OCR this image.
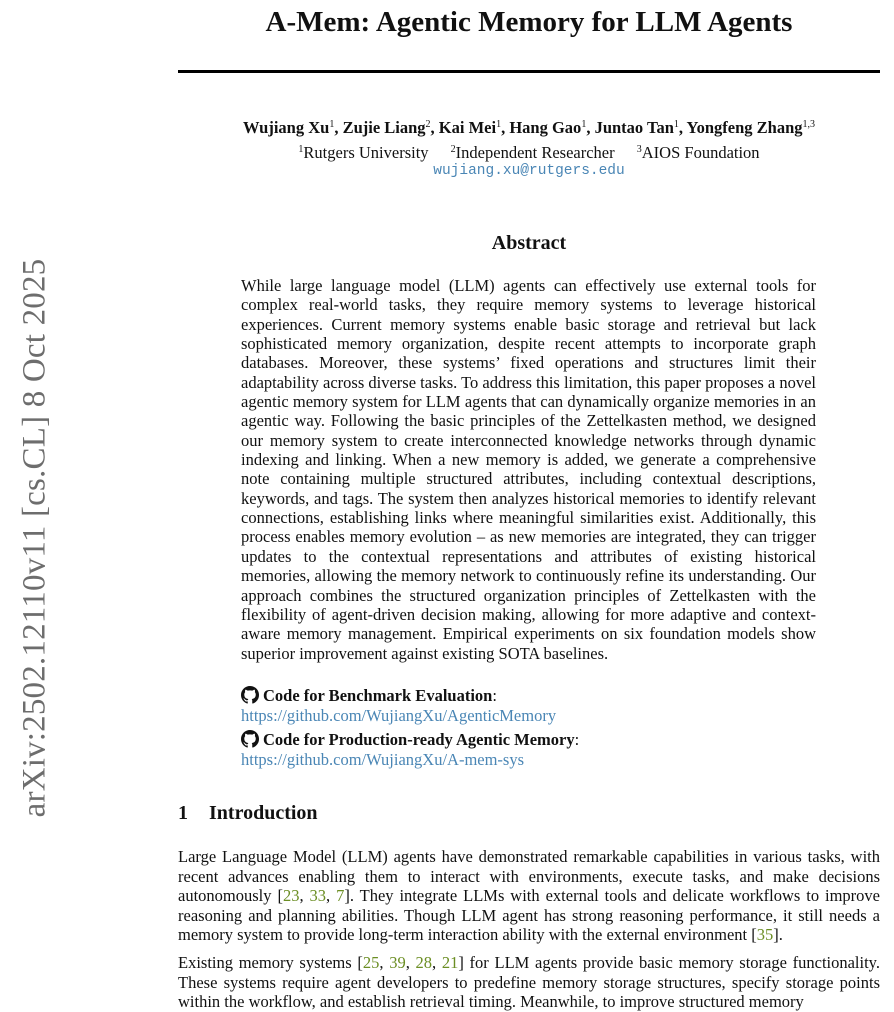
arXiv:2502.12110v11 [cs.CL] 8 Oct 2025
A-Mem: Agentic Memory for LLM Agents
Wujiang Xu$^1$, Zujie Liang$^2$, Kai Mei$^1$, Hang Gao$^1$, Juntao Tan$^1$, Yongfeng Zhang$^{1,3}$
$^1$Rutgers University $^2$Independent Researcher $^3$AIOS Foundation
wujiang.xu@rutgers.edu
Abstract
While large language model (LLM) agents can effectively use external tools for complex real-world tasks, they require memory systems to leverage historical experiences. Current memory systems enable basic storage and retrieval but lack sophisticated memory organization, despite recent attempts to incorporate graph databases. Moreover, these systems’ fixed operations and structures limit their adaptability across diverse tasks. To address this limitation, this paper proposes a novel agentic memory system for LLM agents that can dynamically organize memories in an agentic way. Following the basic principles of the Zettelkasten method, we designed our memory system to create interconnected knowledge networks through dynamic indexing and linking. When a new memory is added, we generate a comprehensive note containing multiple structured attributes, including contextual descriptions, keywords, and tags. The system then analyzes historical memories to identify relevant connections, establishing links where meaningful similarities exist. Additionally, this process enables memory evolution – as new memories are integrated, they can trigger updates to the contextual representations and attributes of existing historical memories, allowing the memory network to continuously refine its understanding. Our approach combines the structured organization principles of Zettelkasten with the flexibility of agent-driven decision making, allowing for more adaptive and context-aware memory management. Empirical experiments on six foundation models show superior improvement against existing SOTA baselines.
Code for Benchmark Evaluation:
https://github.com/WujiangXu/AgenticMemory
Code for Production-ready Agentic Memory:
https://github.com/WujiangXu/A-mem-sys
1 Introduction
Large Language Model (LLM) agents have demonstrated remarkable capabilities in various tasks, with recent advances enabling them to interact with environments, execute tasks, and make decisions autonomously [23, 33, 7]. They integrate LLMs with external tools and delicate workflows to improve reasoning and planning abilities. Though LLM agent has strong reasoning performance, it still needs a memory system to provide long-term interaction ability with the external environment [35].
Existing memory systems [25, 39, 28, 21] for LLM agents provide basic memory storage functionality. These systems require agent developers to predefine memory storage structures, specify storage points within the workflow, and establish retrieval timing. Meanwhile, to improve structured memory
